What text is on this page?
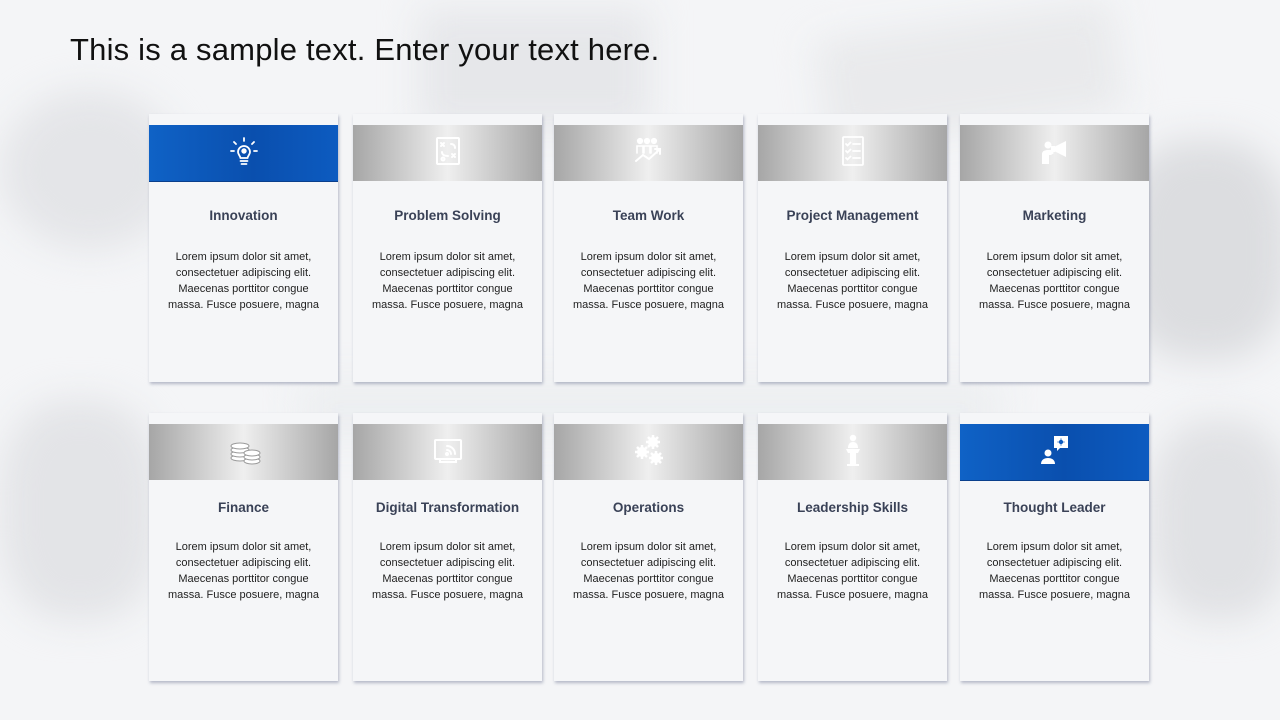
This is a sample text. Enter your text here.
Innovation
Lorem ipsum dolor sit amet, consectetuer adipiscing elit. Maecenas porttitor congue massa. Fusce posuere, magna
Problem Solving
Lorem ipsum dolor sit amet, consectetuer adipiscing elit. Maecenas porttitor congue massa. Fusce posuere, magna
Team Work
Lorem ipsum dolor sit amet, consectetuer adipiscing elit. Maecenas porttitor congue massa. Fusce posuere, magna
Project Management
Lorem ipsum dolor sit amet, consectetuer adipiscing elit. Maecenas porttitor congue massa. Fusce posuere, magna
Marketing
Lorem ipsum dolor sit amet, consectetuer adipiscing elit. Maecenas porttitor congue massa. Fusce posuere, magna
Finance
Lorem ipsum dolor sit amet, consectetuer adipiscing elit. Maecenas porttitor congue massa. Fusce posuere, magna
Digital Transformation
Lorem ipsum dolor sit amet, consectetuer adipiscing elit. Maecenas porttitor congue massa. Fusce posuere, magna
Operations
Lorem ipsum dolor sit amet, consectetuer adipiscing elit. Maecenas porttitor congue massa. Fusce posuere, magna
Leadership Skills
Lorem ipsum dolor sit amet, consectetuer adipiscing elit. Maecenas porttitor congue massa. Fusce posuere, magna
Thought Leader
Lorem ipsum dolor sit amet, consectetuer adipiscing elit. Maecenas porttitor congue massa. Fusce posuere, magna
